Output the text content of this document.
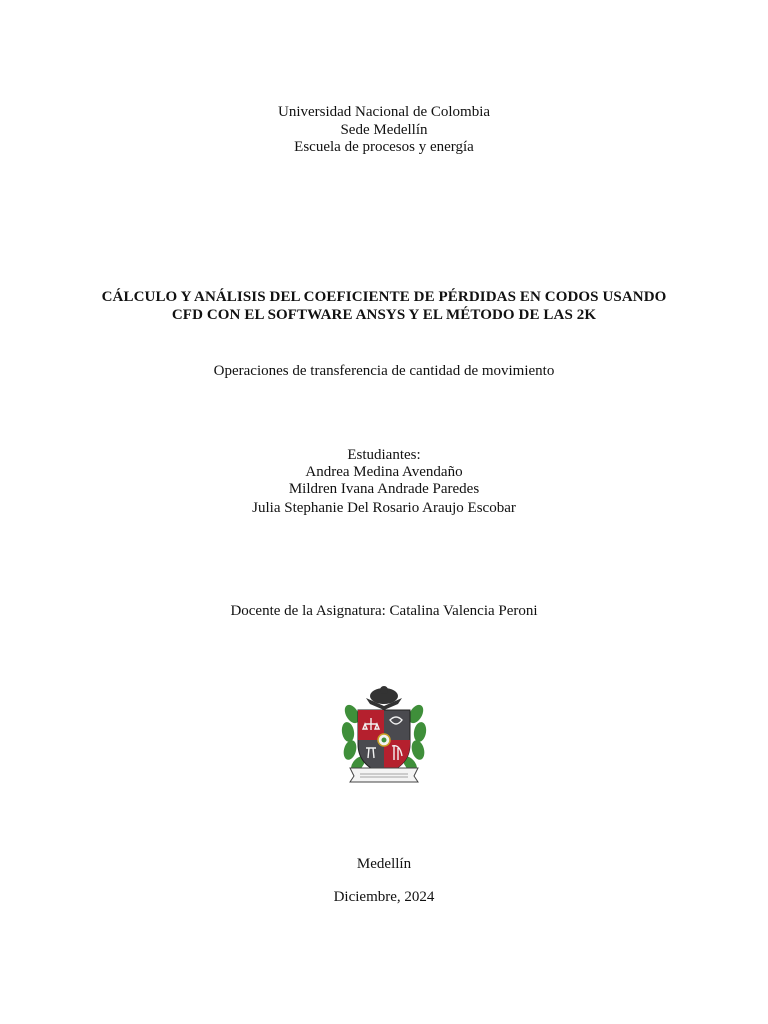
Universidad Nacional de Colombia
Sede Medellín
Escuela de procesos y energía
CÁLCULO Y ANÁLISIS DEL COEFICIENTE DE PÉRDIDAS EN CODOS USANDO
CFD CON EL SOFTWARE ANSYS Y EL MÉTODO DE LAS 2K
Operaciones de transferencia de cantidad de movimiento
Estudiantes:
Andrea Medina Avendaño
Mildren Ivana Andrade Paredes
Julia Stephanie Del Rosario Araujo Escobar
Docente de la Asignatura: Catalina Valencia Peroni
Medellín
Diciembre, 2024
